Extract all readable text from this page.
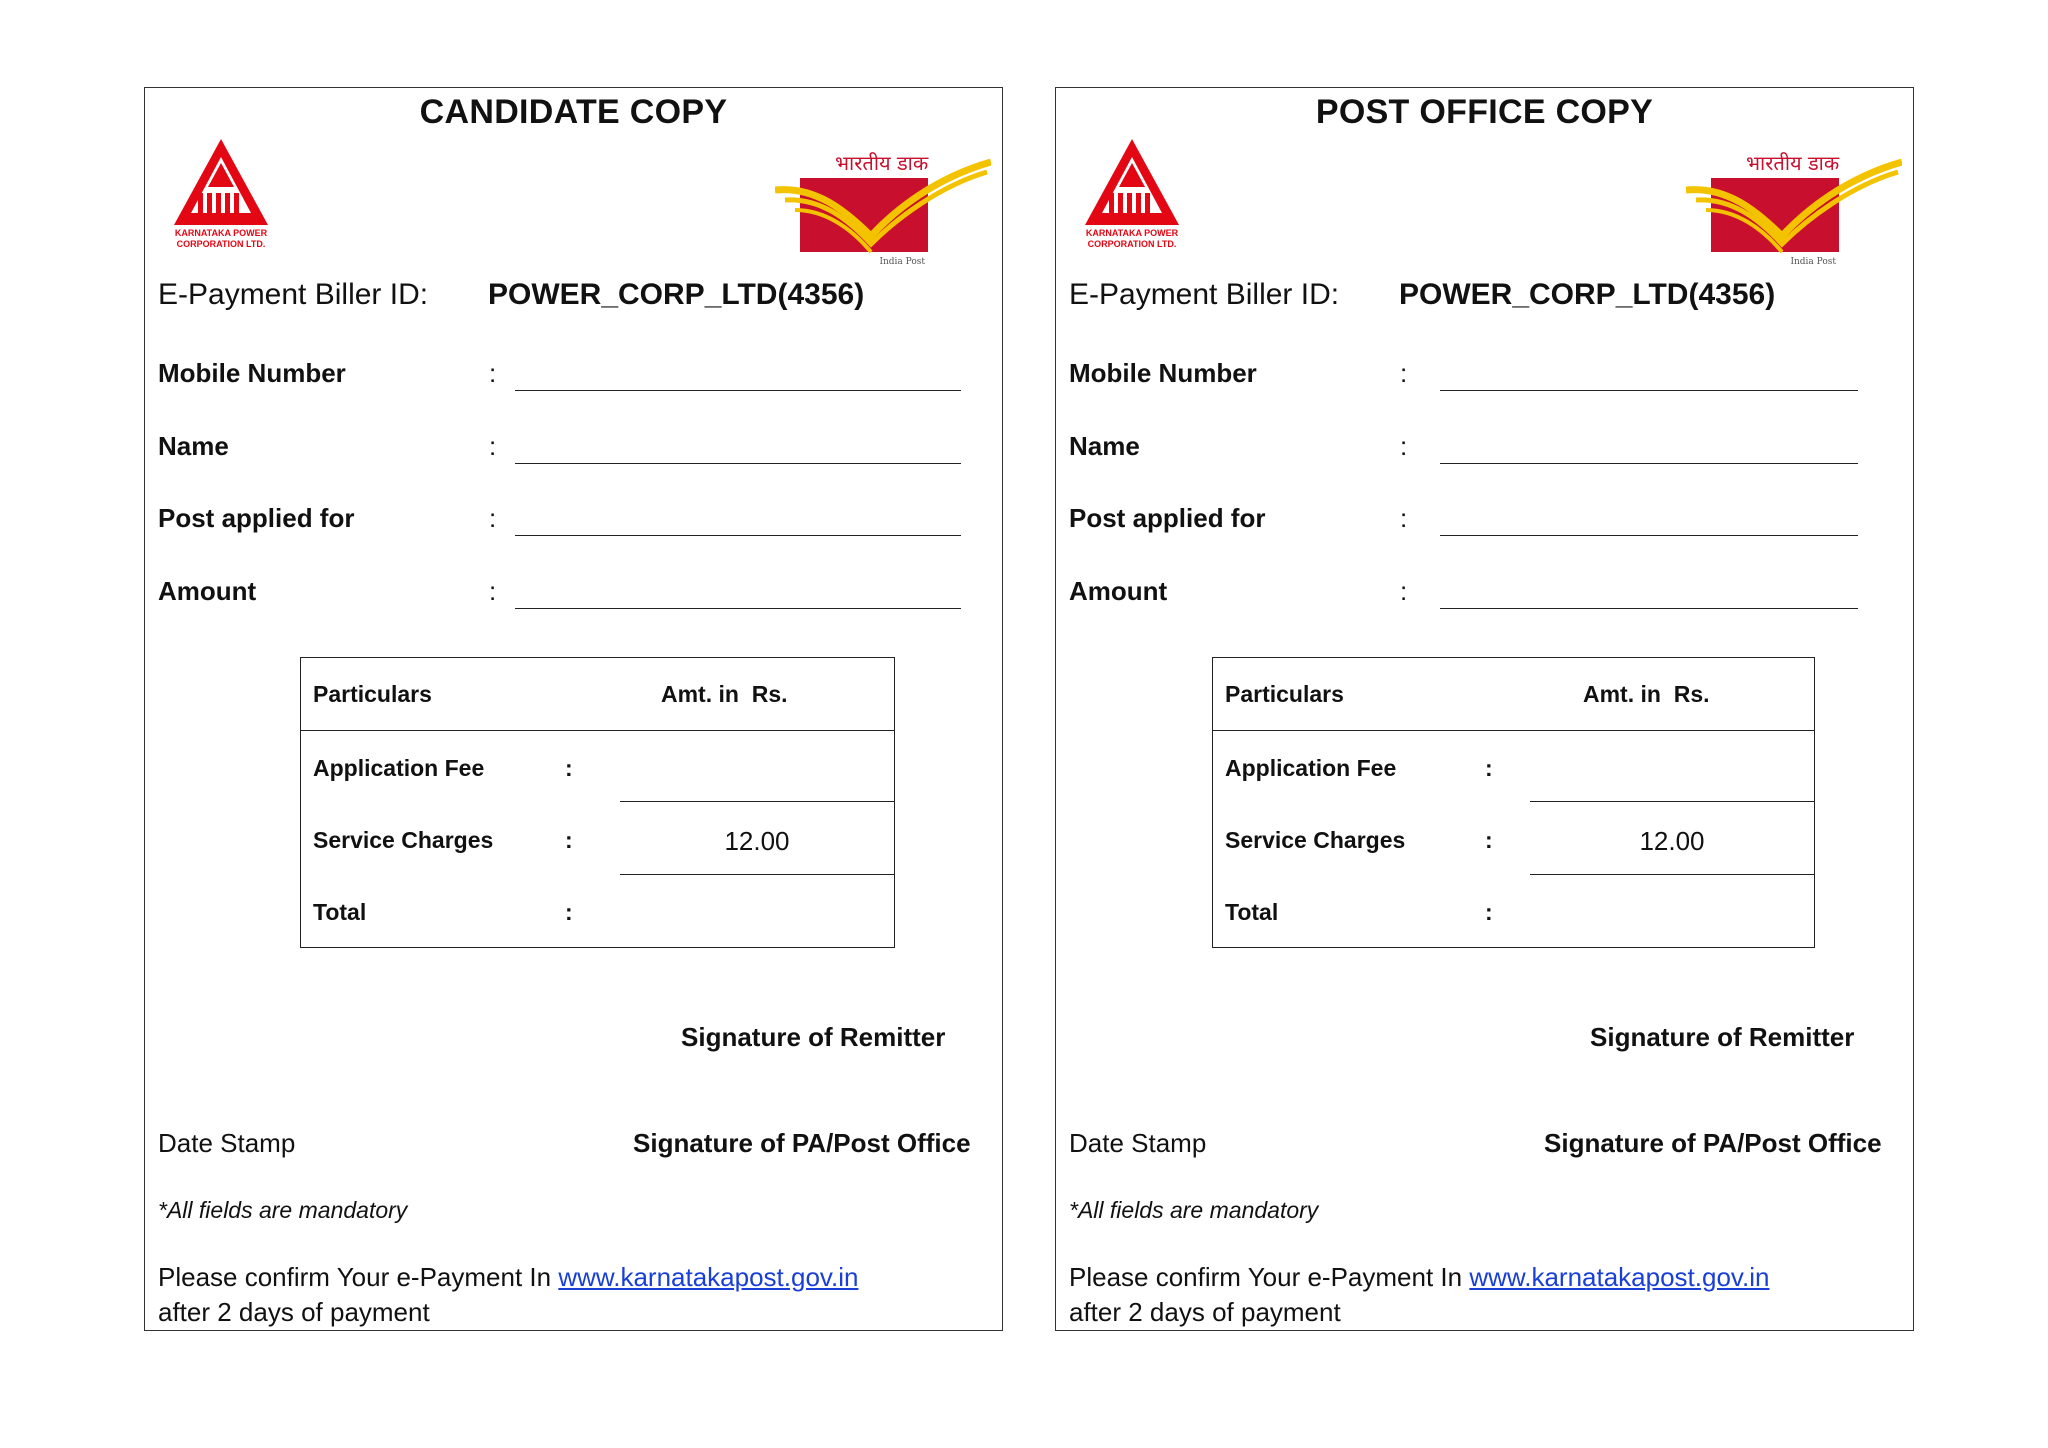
CANDIDATE COPY
KARNATAKA POWER
CORPORATION LTD.
भारतीय डाक
India Post
E-Payment Biller ID: POWER_CORP_LTD(4356)
Mobile Number	:
Name	:
Post applied for	:
Amount	:
Particulars	Amt. in  Rs.
Application Fee	:
Service Charges	:	12.00
Total	:
Signature of Remitter
Date Stamp	Signature of PA/Post Office
*All fields are mandatory
Please confirm Your e-Payment In www.karnatakapost.gov.in
after 2 days of payment
POST OFFICE COPY
KARNATAKA POWER
CORPORATION LTD.
भारतीय डाक
India Post
E-Payment Biller ID: POWER_CORP_LTD(4356)
Mobile Number	:
Name	:
Post applied for	:
Amount	:
Particulars	Amt. in  Rs.
Application Fee	:
Service Charges	:	12.00
Total	:
Signature of Remitter
Date Stamp	Signature of PA/Post Office
*All fields are mandatory
Please confirm Your e-Payment In www.karnatakapost.gov.in
after 2 days of payment
